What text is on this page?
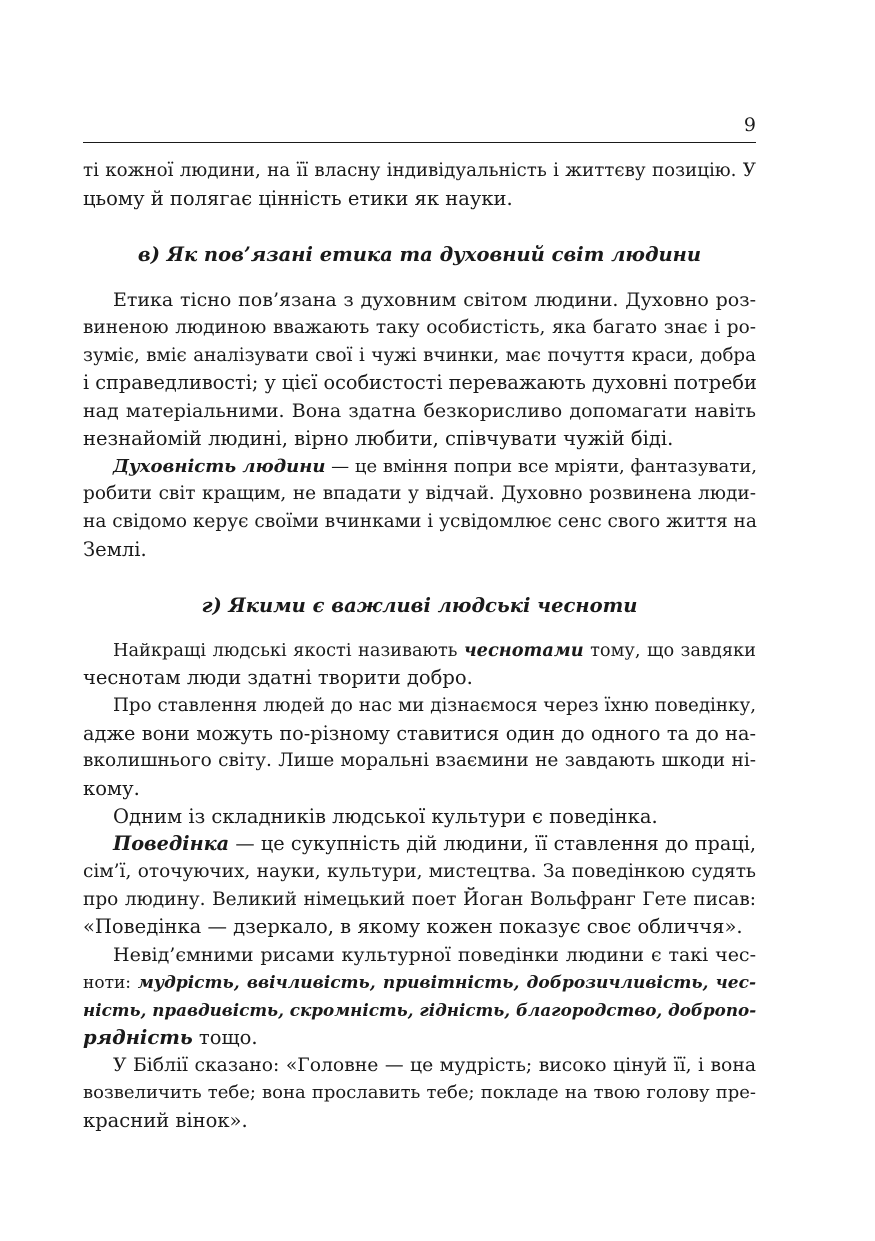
9
ті кожної людини, на її власну індивідуальність і життєву позицію. У
цьому й полягає цінність етики як науки.
в) Як пов’язані етика та духовний світ людини
Етика тісно пов’язана з духовним світом людини. Духовно роз-
виненою людиною вважають таку особистість, яка багато знає і ро-
зуміє, вміє аналізувати свої і чужі вчинки, має почуття краси, добра
і справедливості; у цієї особистості переважають духовні потреби
над матеріальними. Вона здатна безкорисливо допомагати навіть
незнайомій людині, вірно любити, співчувати чужій біді.
Духовність людини — це вміння попри все мріяти, фантазувати,
робити світ кращим, не впадати у відчай. Духовно розвинена люди-
на свідомо керує своїми вчинками і усвідомлює сенс свого життя на
Землі.
г) Якими є важливі людські чесноти
Найкращі людські якості називають чеснотами тому, що завдяки
чеснотам люди здатні творити добро.
Про ставлення людей до нас ми дізнаємося через їхню поведінку,
адже вони можуть по-різному ставитися один до одного та до на-
вколишнього світу. Лише моральні взаємини не завдають шкоди ні-
кому.
Одним із складників людської культури є поведінка.
Поведінка — це сукупність дій людини, її ставлення до праці,
сім’ї, оточуючих, науки, культури, мистецтва. За поведінкою судять
про людину. Великий німецький поет Йоган Вольфранг Гете писав:
«Поведінка — дзеркало, в якому кожен показує своє обличчя».
Невід’ємними рисами культурної поведінки людини є такі чес-
ноти: мудрість, ввічливість, привітність, доброзичливість, чес-
ність, правдивість, скромність, гідність, благородство, добропо-
рядність тощо.
У Біблії сказано: «Головне — це мудрість; високо цінуй її, і вона
возвеличить тебе; вона прославить тебе; покладе на твою голову пре-
красний вінок».
